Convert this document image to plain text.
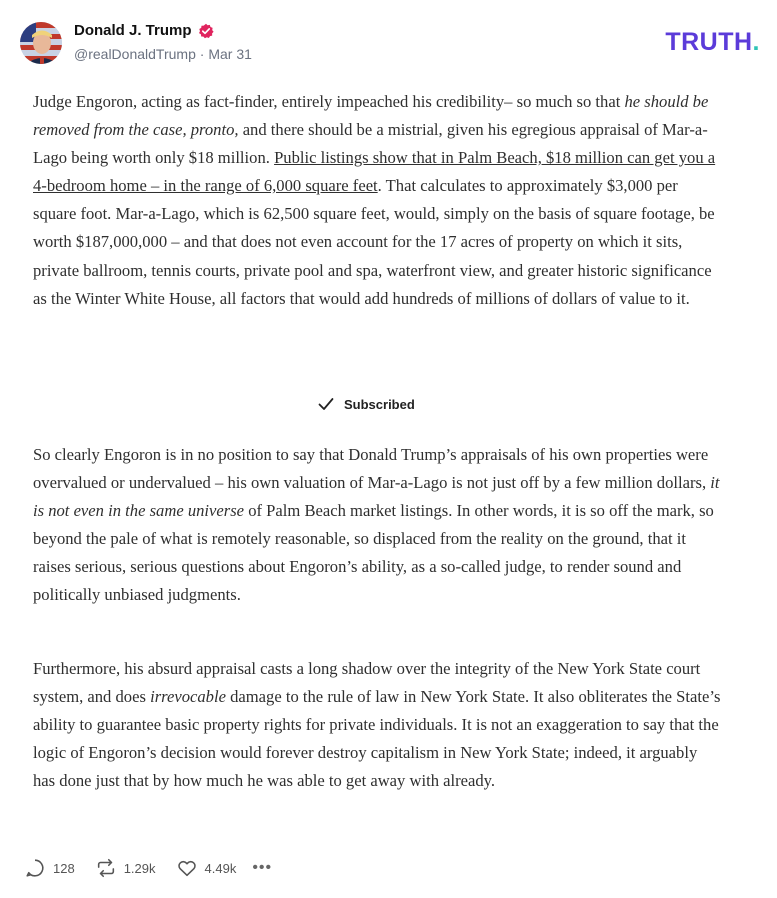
Donald J. Trump
@realDonaldTrump · Mar 31	TRUTH.

Judge Engoron, acting as fact-finder, entirely impeached his credibility– so much so that he should be removed from the case, pronto, and there should be a mistrial, given his egregious appraisal of Mar-a-Lago being worth only $18 million. Public listings show that in Palm Beach, $18 million can get you a 4-bedroom home – in the range of 6,000 square feet. That calculates to approximately $3,000 per square foot. Mar-a-Lago, which is 62,500 square feet, would, simply on the basis of square footage, be worth $187,000,000 – and that does not even account for the 17 acres of property on which it sits, private ballroom, tennis courts, private pool and spa, waterfront view, and greater historic significance as the Winter White House, all factors that would add hundreds of millions of dollars of value to it.

Subscribed
So clearly Engoron is in no position to say that Donald Trump’s appraisals of his own properties were overvalued or undervalued – his own valuation of Mar-a-Lago is not just off by a few million dollars, it is not even in the same universe of Palm Beach market listings. In other words, it is so off the mark, so beyond the pale of what is remotely reasonable, so displaced from the reality on the ground, that it raises serious, serious questions about Engoron’s ability, as a so-called judge, to render sound and politically unbiased judgments.
Furthermore, his absurd appraisal casts a long shadow over the integrity of the New York State court system, and does irrevocable damage to the rule of law in New York State. It also obliterates the State’s ability to guarantee basic property rights for private individuals. It is not an exaggeration to say that the logic of Engoron’s decision would forever destroy capitalism in New York State; indeed, it arguably has done just that by how much he was able to get away with already.
128	1.29k	4.49k •••
